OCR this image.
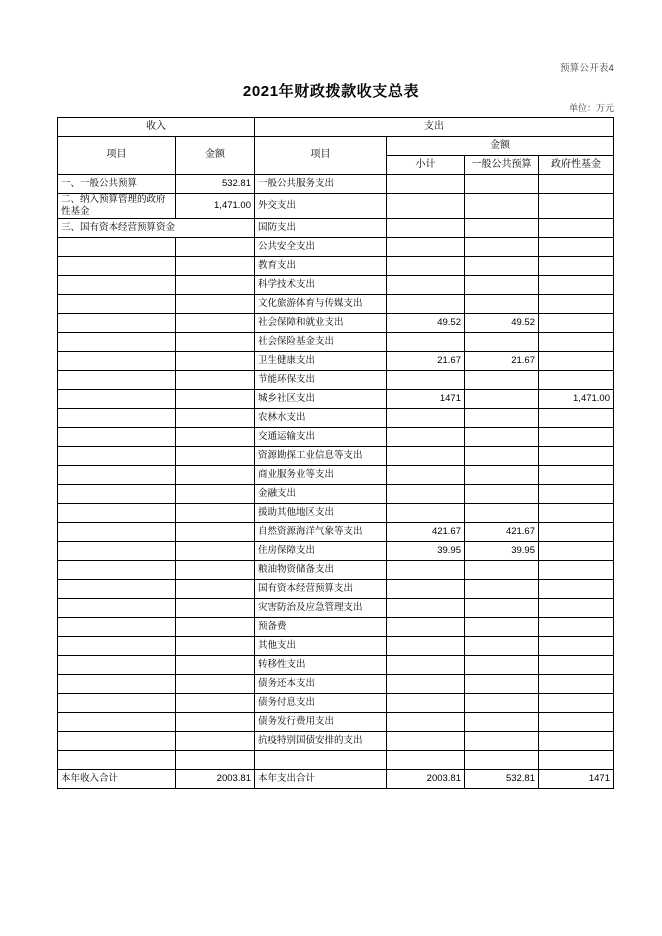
预算公开表4
2021年财政拨款收支总表
单位：万元
收入		支出			
项目	金额	项目	金额		
			小计	一般公共预算	政府性基金
一、一般公共预算	532.81	一般公共服务支出			
二、纳入预算管理的政府性基金	1,471.00	外交支出			
三、国有资本经营预算资金		国防支出			
		公共安全支出			
		教育支出			
		科学技术支出			
		文化旅游体育与传媒支出			
		社会保障和就业支出	49.52	49.52	
		社会保险基金支出			
		卫生健康支出	21.67	21.67	
		节能环保支出			
		城乡社区支出	1471		1,471.00
		农林水支出			
		交通运输支出			
		资源勘探工业信息等支出			
		商业服务业等支出			
		金融支出			
		援助其他地区支出			
		自然资源海洋气象等支出	421.67	421.67	
		住房保障支出	39.95	39.95	
		粮油物资储备支出			
		国有资本经营预算支出			
		灾害防治及应急管理支出			
		预备费			
		其他支出			
		转移性支出			
		债务还本支出			
		债务付息支出			
		债务发行费用支出			
		抗疫特别国债安排的支出			

本年收入合计	2003.81	本年支出合计	2003.81	532.81	1471
